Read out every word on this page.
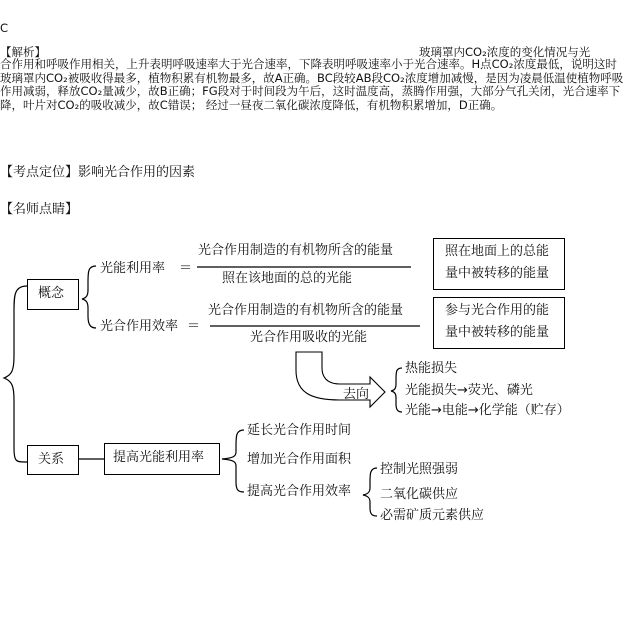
C
【解析】	玻璃罩内CO₂浓度的变化情况与光
合作用和呼吸作用相关，上升表明呼吸速率大于光合速率，下降表明呼吸速率小于光合速率。H点CO₂浓度最低，说明这时玻璃罩内CO₂被吸收得最多，植物积累有机物最多，故A正确。BC段较AB段CO₂浓度增加减慢，是因为凌晨低温使植物呼吸作用减弱，释放CO₂量减少，故B正确；FG段对于时间段为午后，这时温度高，蒸腾作用强，大部分气孔关闭，光合速率下降，叶片对CO₂的吸收减少，故C错误； 经过一昼夜二氧化碳浓度降低，有机物积累增加，D正确。
【考点定位】影响光合作用的因素
【名师点睛】
概念
关系
光能利用率 ＝
光合作用制造的有机物所含的能量
照在该地面的总的光能
照在地面上的总能
量中被转移的能量
光合作用效率 ＝
光合作用制造的有机物所含的能量
光合作用吸收的光能
参与光合作用的能
量中被转移的能量
去向
热能损失
光能损失→荧光、磷光
光能→电能→化学能（贮存）
提高光能利用率
延长光合作用时间
增加光合作用面积
提高光合作用效率
控制光照强弱
二氧化碳供应
必需矿质元素供应
